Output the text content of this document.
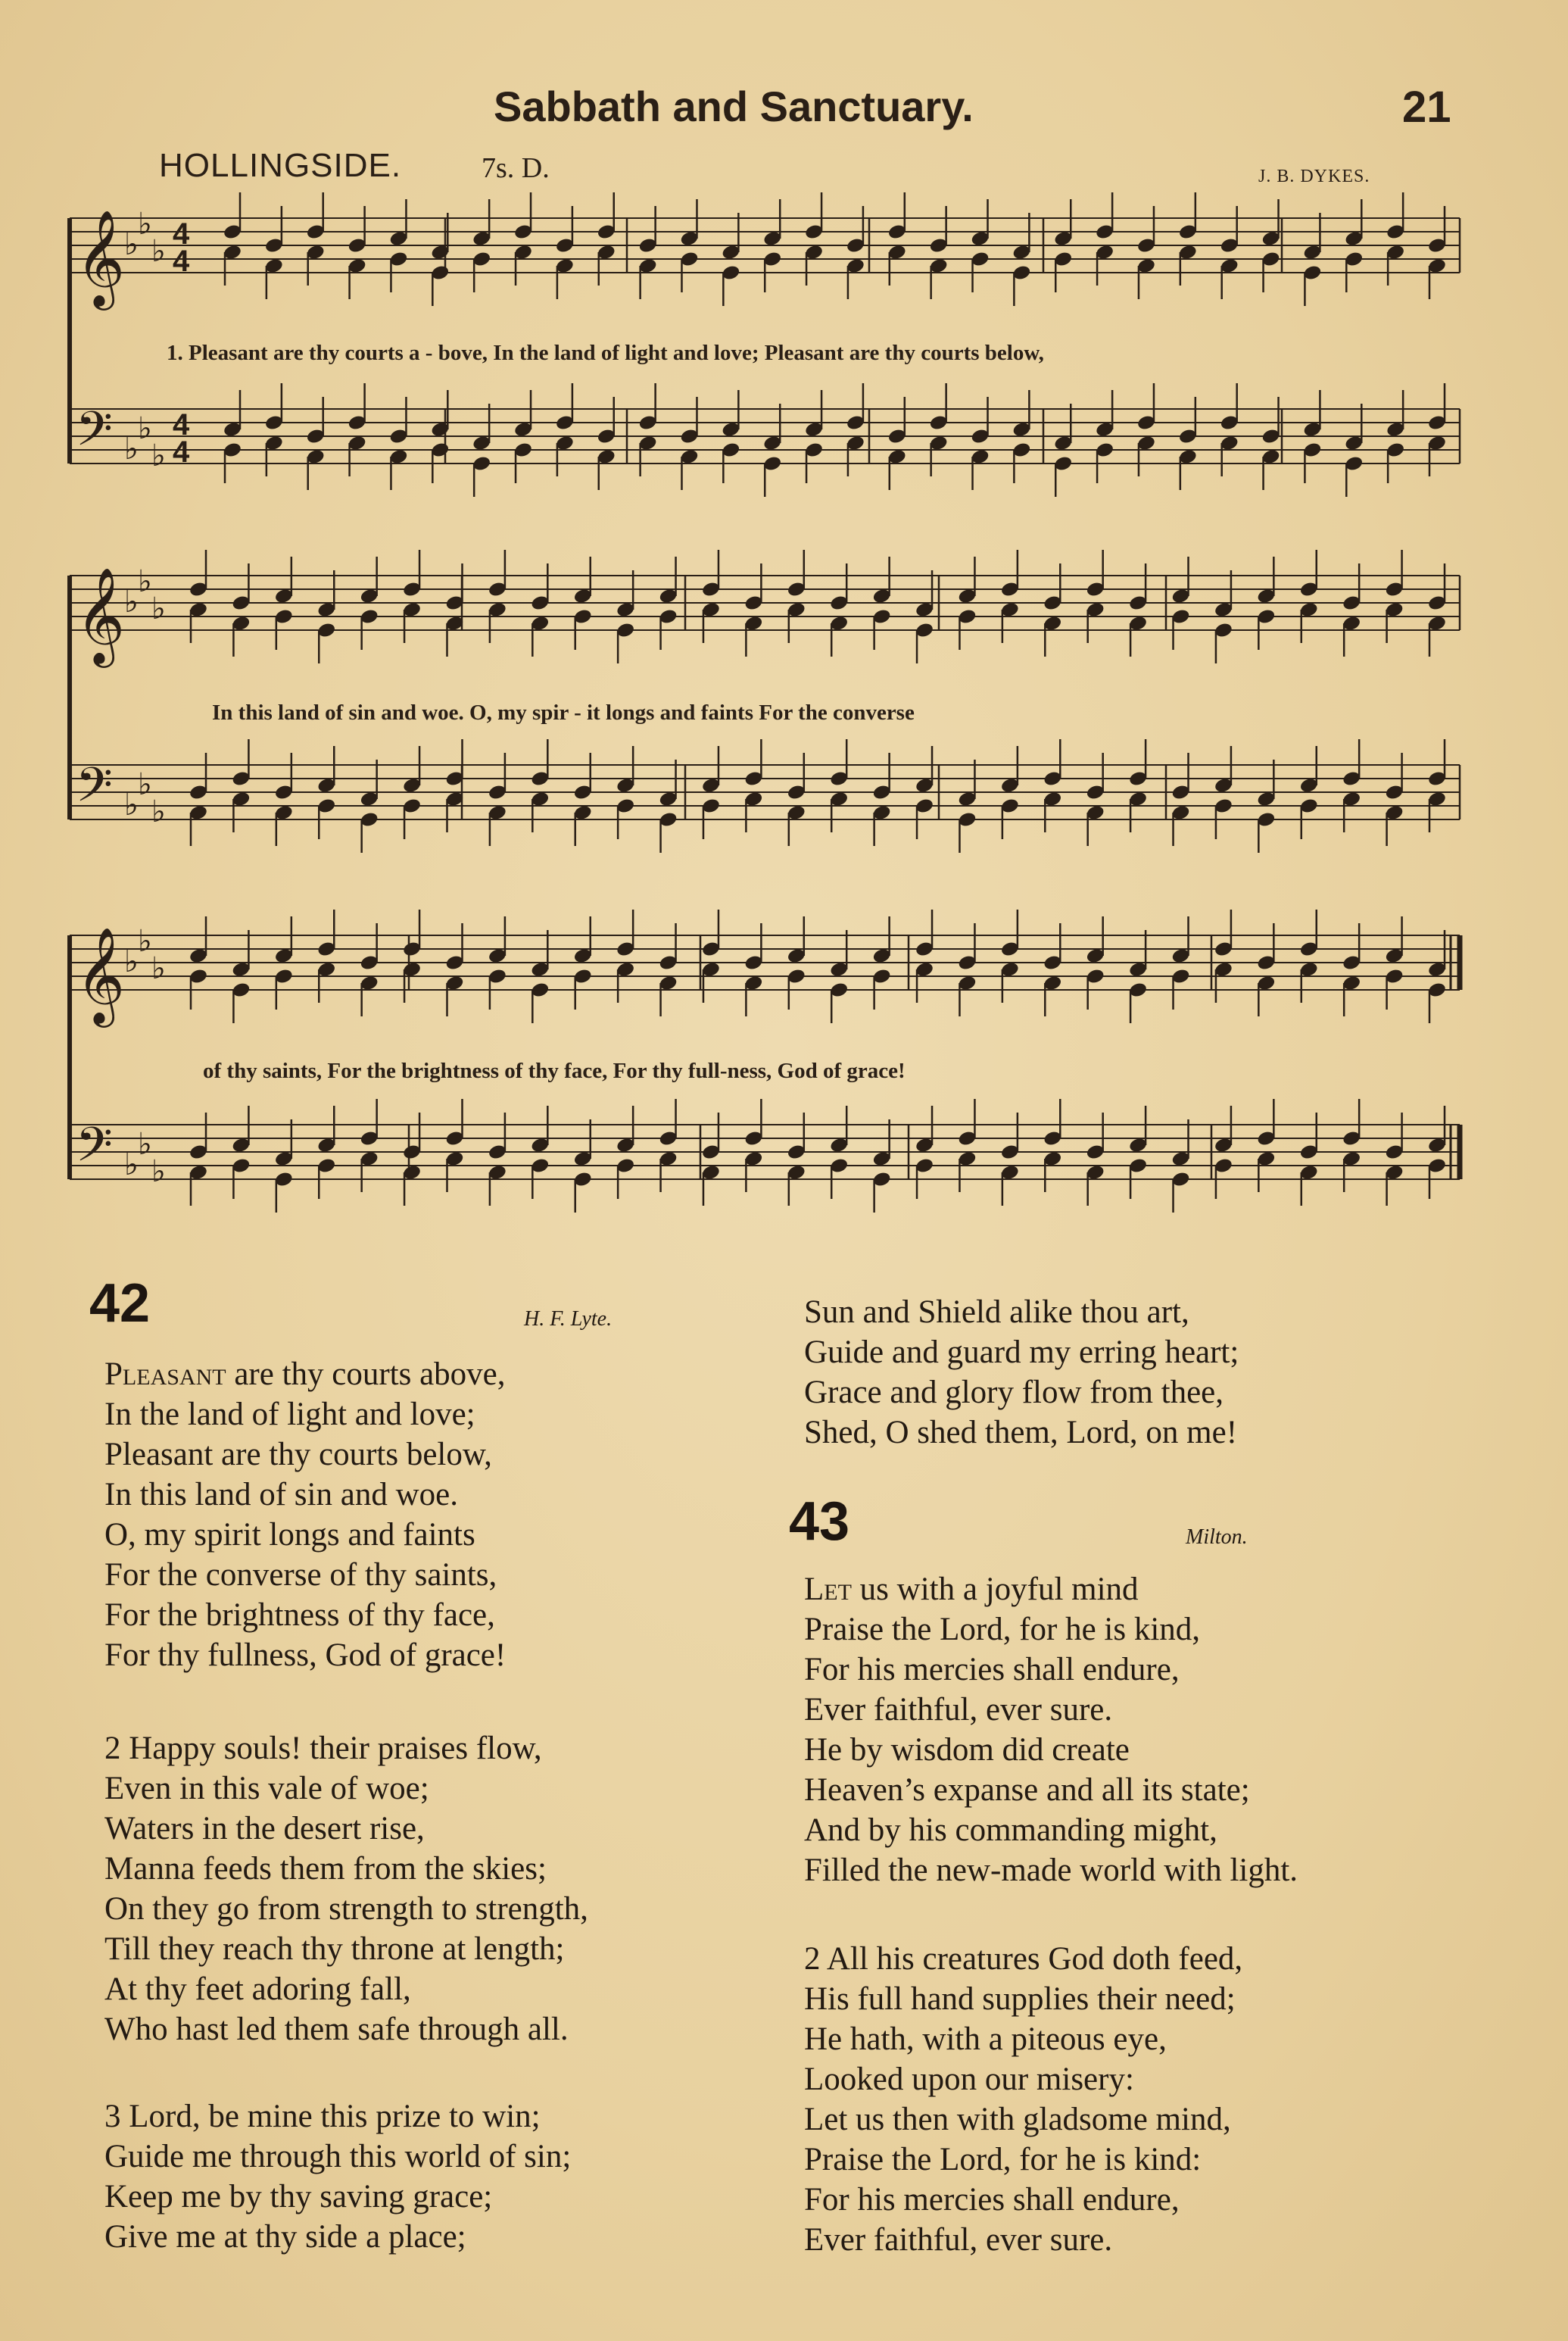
Sabbath and Sanctuary.	21
HOLLINGSIDE.	7s. D.	J. B. DYKES.
𝄞
♭
♭
♭ 4
4
𝄢 ♭
♭
♭
4
4
𝄞
♭
♭
♭
𝄢 ♭
♭
♭
𝄞
♭
♭
♭
𝄢 ♭
♭
♭
1. Pleasant are thy courts a - bove, In the land of light and love; Pleasant are thy courts below,
In this land of sin and woe. O, my spir - it longs and faints For the converse
of thy saints, For the brightness of thy face, For thy full-ness, God of grace!
42	H. F. Lyte.
Pleasant are thy courts above,
In the land of light and love;
Pleasant are thy courts below,
In this land of sin and woe.
O, my spirit longs and faints
For the converse of thy saints,
For the brightness of thy face,
For thy fullness, God of grace!
2 Happy souls! their praises flow,
Even in this vale of woe;
Waters in the desert rise,
Manna feeds them from the skies;
On they go from strength to strength,
Till they reach thy throne at length;
At thy feet adoring fall,
Who hast led them safe through all.
3 Lord, be mine this prize to win;
Guide me through this world of sin;
Keep me by thy saving grace;
Give me at thy side a place;
Sun and Shield alike thou art,
Guide and guard my erring heart;
Grace and glory flow from thee,
Shed, O shed them, Lord, on me!
43	Milton.
Let us with a joyful mind
Praise the Lord, for he is kind,
For his mercies shall endure,
Ever faithful, ever sure.
He by wisdom did create
Heaven’s expanse and all its state;
And by his commanding might,
Filled the new-made world with light.
2 All his creatures God doth feed,
His full hand supplies their need;
He hath, with a piteous eye,
Looked upon our misery:
Let us then with gladsome mind,
Praise the Lord, for he is kind:
For his mercies shall endure,
Ever faithful, ever sure.
